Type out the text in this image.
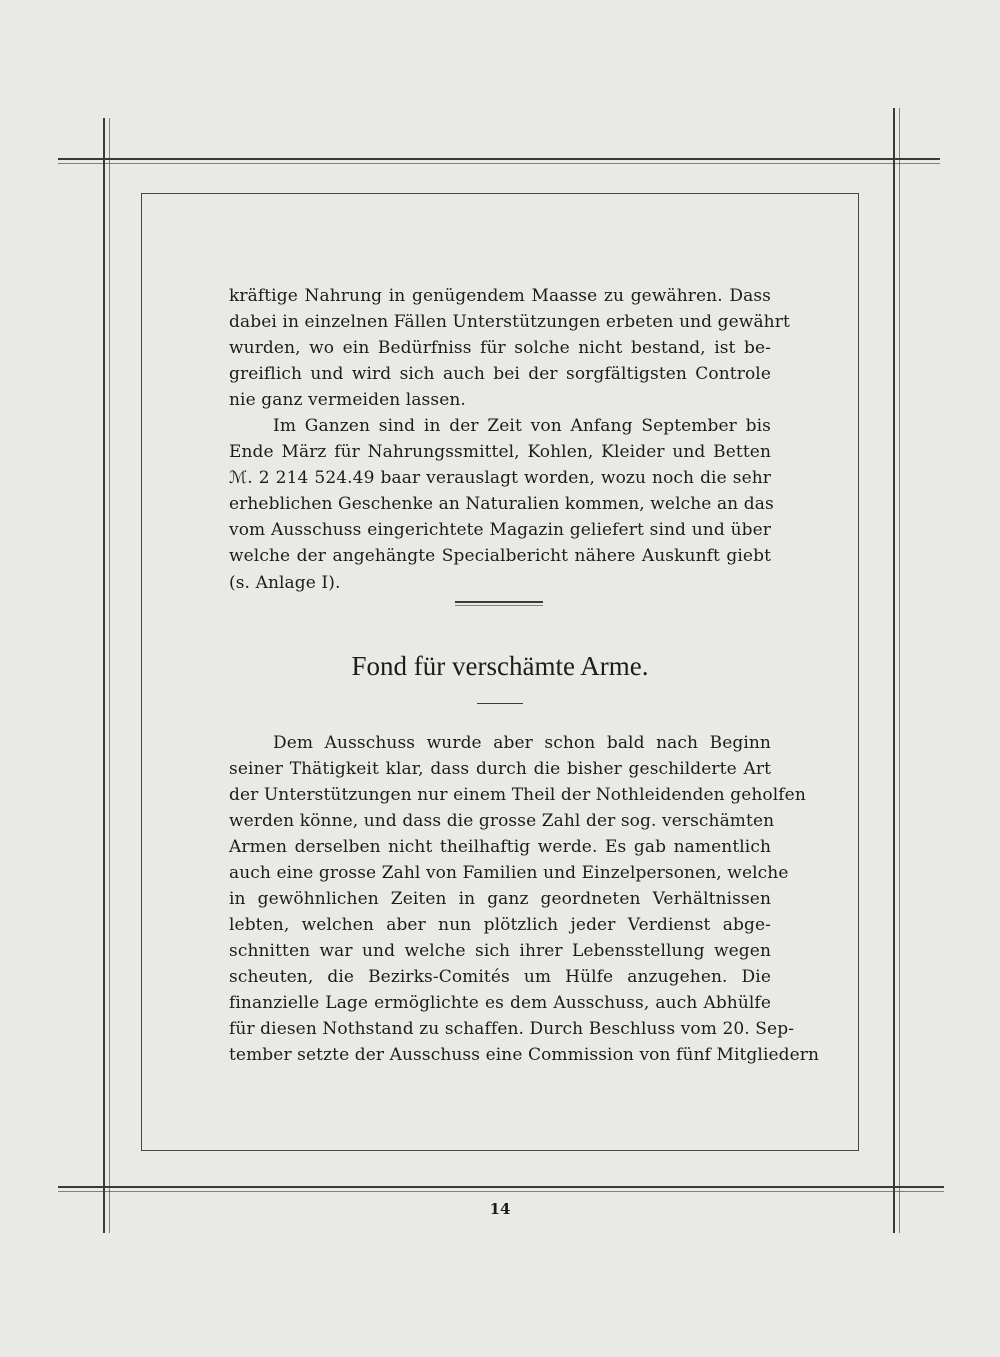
kräftige Nahrung in genügendem Maasse zu gewähren. Dass
dabei in einzelnen Fällen Unterstützungen erbeten und gewährt
wurden, wo ein Bedürfniss für solche nicht bestand, ist be-
greiflich und wird sich auch bei der sorgfältigsten Controle
nie ganz vermeiden lassen.
Im Ganzen sind in der Zeit von Anfang September bis
Ende März für Nahrungssmittel, Kohlen, Kleider und Betten
ℳ. 2 214 524.49 baar verauslagt worden, wozu noch die sehr
erheblichen Geschenke an Naturalien kommen, welche an das
vom Ausschuss eingerichtete Magazin geliefert sind und über
welche der angehängte Specialbericht nähere Auskunft giebt
(s. Anlage I).
Fond für verschämte Arme.
Dem Ausschuss wurde aber schon bald nach Beginn
seiner Thätigkeit klar, dass durch die bisher geschilderte Art
der Unterstützungen nur einem Theil der Nothleidenden geholfen
werden könne, und dass die grosse Zahl der sog. verschämten
Armen derselben nicht theilhaftig werde. Es gab namentlich
auch eine grosse Zahl von Familien und Einzelpersonen, welche
in gewöhnlichen Zeiten in ganz geordneten Verhältnissen
lebten, welchen aber nun plötzlich jeder Verdienst abge-
schnitten war und welche sich ihrer Lebensstellung wegen
scheuten, die Bezirks-Comités um Hülfe anzugehen. Die
finanzielle Lage ermöglichte es dem Ausschuss, auch Abhülfe
für diesen Nothstand zu schaffen. Durch Beschluss vom 20. Sep-
tember setzte der Ausschuss eine Commission von fünf Mitgliedern
14
